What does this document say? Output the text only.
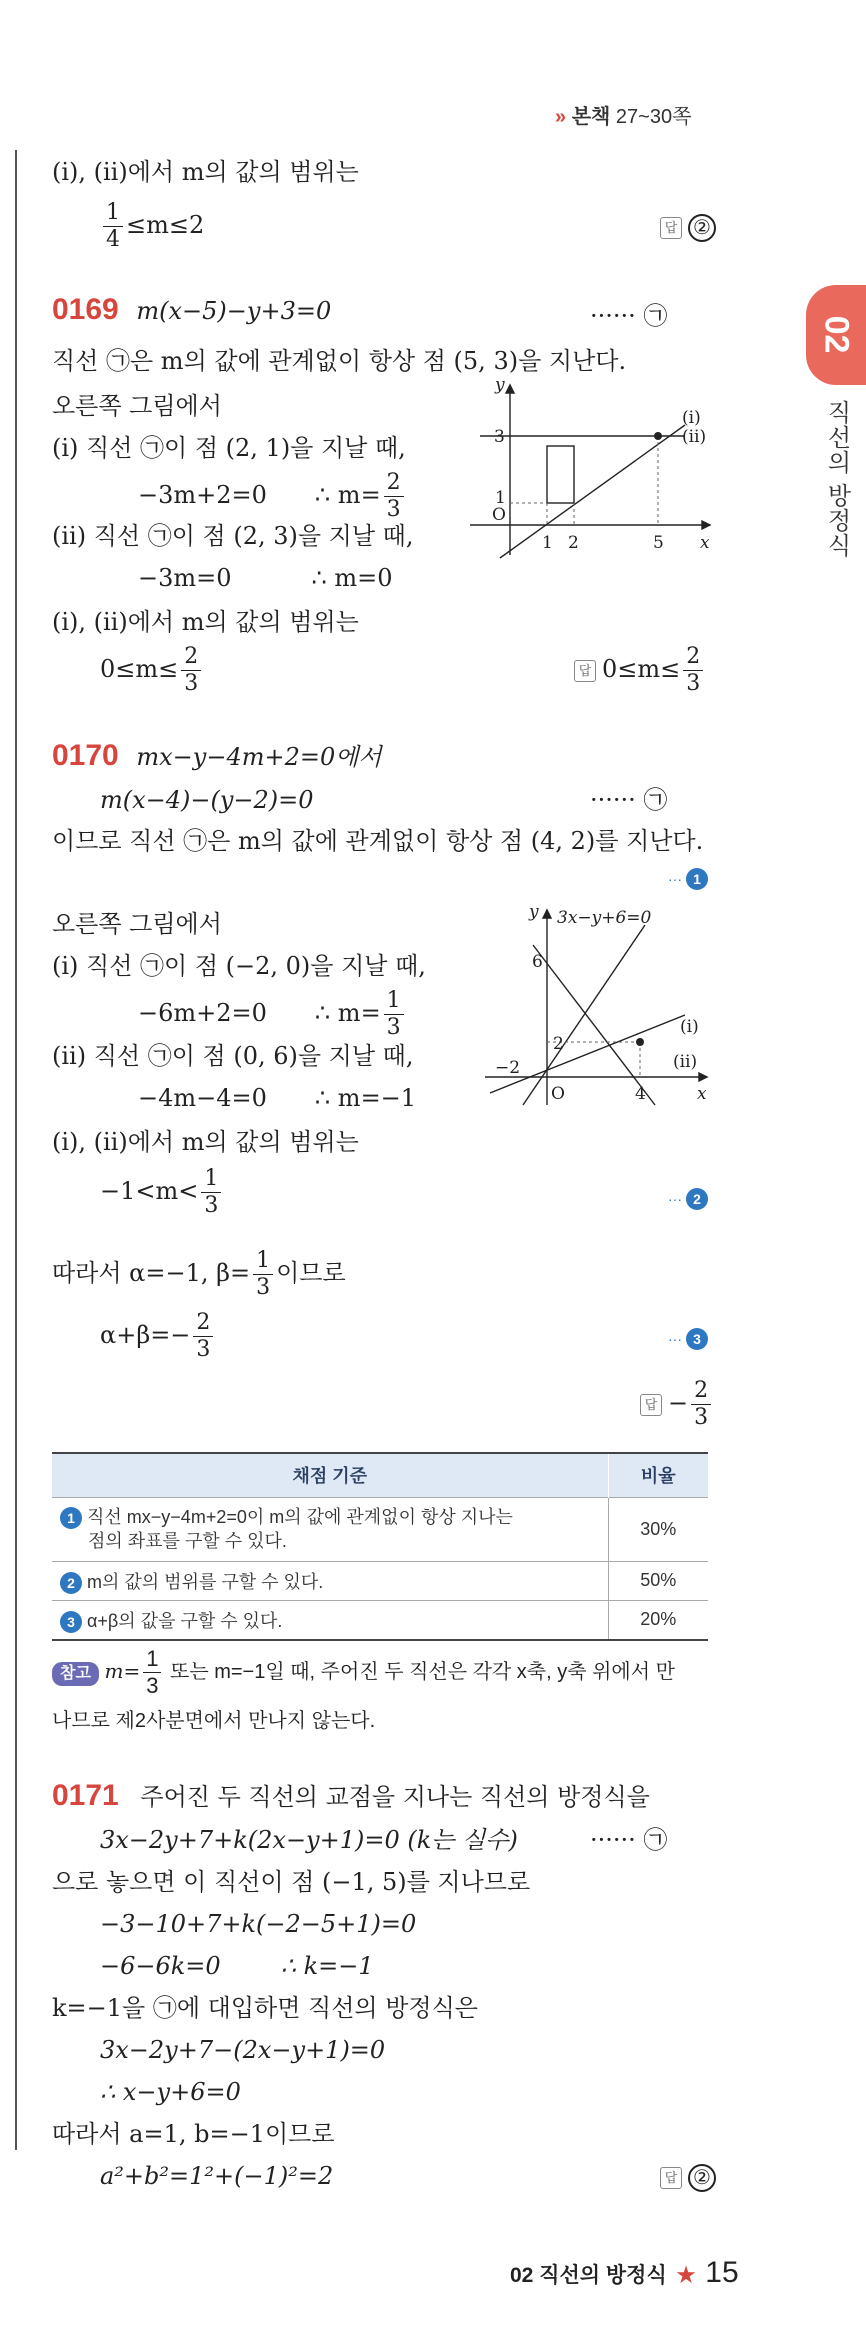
» 본책 27~30쪽
02
직선의 방정식
(ⅰ), (ⅱ)에서 m의 값의 범위는
$\frac{1}{4} \le m\le 2$	답 ②
0169 m(x−5)−y+3=0	······ ㉠
직선 ㉠은 m의 값에 관계없이 항상 점 (5, 3)을 지난다.
오른쪽 그림에서
(ⅰ) 직선 ㉠이 점 (2, 1)을 지날 때,
−3m+2=0 ∴ $m= \frac{2}{3}$
(ⅱ) 직선 ㉠이 점 (2, 3)을 지날 때,
−3m=0	∴ m=0
(ⅰ), (ⅱ)에서 m의 값의 범위는
$0\le m\le \frac{2}{3}$	답 $0\le m\le \frac{2}{3}$
y
x
O
1 2	5
3
1
(ⅰ)
(ⅱ)
0170 mx−y−4m+2=0에서
m(x−4)−(y−2)=0	······ ㉠
이므로 직선 ㉠은 m의 값에 관계없이 항상 점 (4, 2)를 지난다.
··· 1
오른쪽 그림에서
(ⅰ) 직선 ㉠이 점 (−2, 0)을 지날 때,
−6m+2=0 ∴ $m= \frac{1}{3}$
(ⅱ) 직선 ㉠이 점 (0, 6)을 지날 때,
−4m−4=0 ∴ m=−1
(ⅰ), (ⅱ)에서 m의 값의 범위는
$-1<m< \frac{1}{3}$	··· 2
따라서 α=−1, $\beta= \frac{1}{3}$ 이므로
$\alpha+\beta=- \frac{2}{3}$	··· 3
답 − $\frac{2}{3}$
y
x
O
3x−y+6=0
−2
4
6
2
(ⅰ)
(ⅱ)
채점 기준	비율

1 직선 mx−y−4m+2=0이 m의 값에 관계없이 항상 지나는
점의 좌표를 구할 수 있다.	30%

2 m의 값의 범위를 구할 수 있다.	50%

3 α+β의 값을 구할 수 있다.	20%
참고 $m= \frac{1}{3}$ 또는 m=−1일 때, 주어진 두 직선은 각각 x축, y축 위에서 만
나므로 제2사분면에서 만나지 않는다.
0171 주어진 두 직선의 교점을 지나는 직선의 방정식을
3x−2y+7+k(2x−y+1)=0 (k는 실수)	······ ㉠
으로 놓으면 이 직선이 점 (−1, 5)를 지나므로
−3−10+7+k(−2−5+1)=0
−6−6k=0	∴ k=−1
k=−1을 ㉠에 대입하면 직선의 방정식은
3x−2y+7−(2x−y+1)=0
∴ x−y+6=0
따라서 a=1, b=−1이므로
a²+b²=1²+(−1)²=2	답 ②
02 직선의 방정식 ★ 15
